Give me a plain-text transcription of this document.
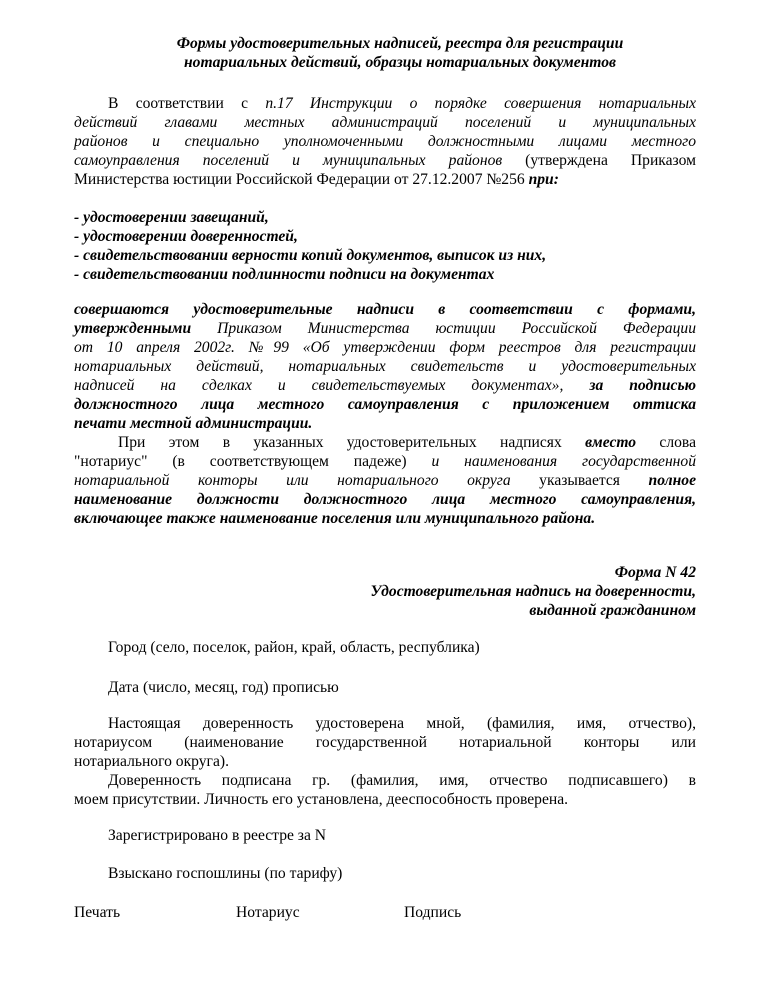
Формы удостоверительных надписей, реестра для регистрации
нотариальных действий, образцы нотариальных документов
В соответствии с п.17 Инструкции о порядке совершения нотариальных
действий главами местных администраций поселений и муниципальных
районов и специально уполномоченными должностными лицами местного
самоуправления поселений и муниципальных районов (утверждена Приказом
Министерства юстиции Российской Федерации от 27.12.2007 №256 при:
- удостоверении завещаний,
- удостоверении доверенностей,
- свидетельствовании верности копий документов, выписок из них,
- свидетельствовании подлинности подписи на документах
совершаются удостоверительные надписи в соответствии с формами,
утвержденными Приказом Министерства юстиции Российской Федерации
от 10 апреля 2002г. №99 «Об утверждении форм реестров для регистрации
нотариальных действий, нотариальных свидетельств и удостоверительных
надписей на сделках и свидетельствуемых документах», за подписью
должностного лица местного самоуправления с приложением оттиска
печати местной администрации.
При этом в указанных удостоверительных надписях вместо слова
"нотариус" (в соответствующем падеже) и наименования государственной
нотариальной конторы или нотариального округа указывается полное
наименование должности должностного лица местного самоуправления,
включающее также наименование поселения или муниципального района.
Форма N 42
Удостоверительная надпись на доверенности,
выданной гражданином
Город (село, поселок, район, край, область, республика)
Дата (число, месяц, год) прописью
Настоящая доверенность удостоверена мной, (фамилия, имя, отчество),
нотариусом (наименование государственной нотариальной конторы или
нотариального округа).
Доверенность подписана гр. (фамилия, имя, отчество подписавшего) в
моем присутствии. Личность его установлена, дееспособность проверена.
Зарегистрировано в реестре за N
Взыскано госпошлины (по тарифу)
Печать	Нотариус	Подпись
